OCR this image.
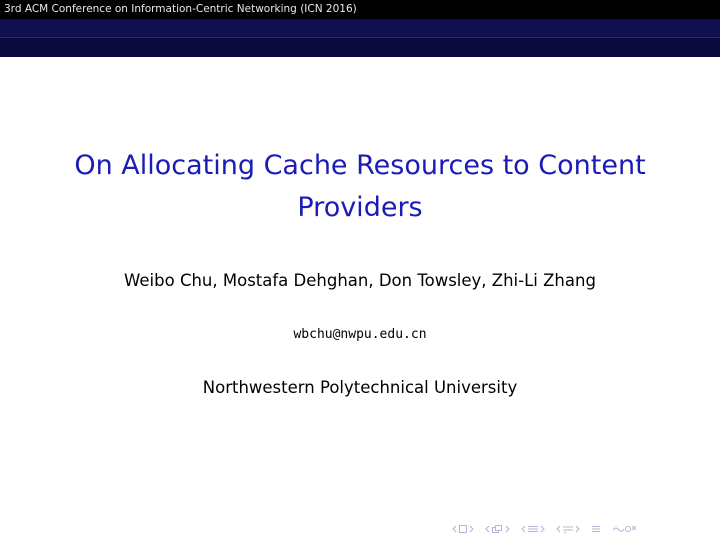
3rd ACM Conference on Information-Centric Networking (ICN 2016)
On Allocating Cache Resources to Content Providers
Weibo Chu, Mostafa Dehghan, Don Towsley, Zhi-Li Zhang
wbchu@nwpu.edu.cn
Northwestern Polytechnical University
